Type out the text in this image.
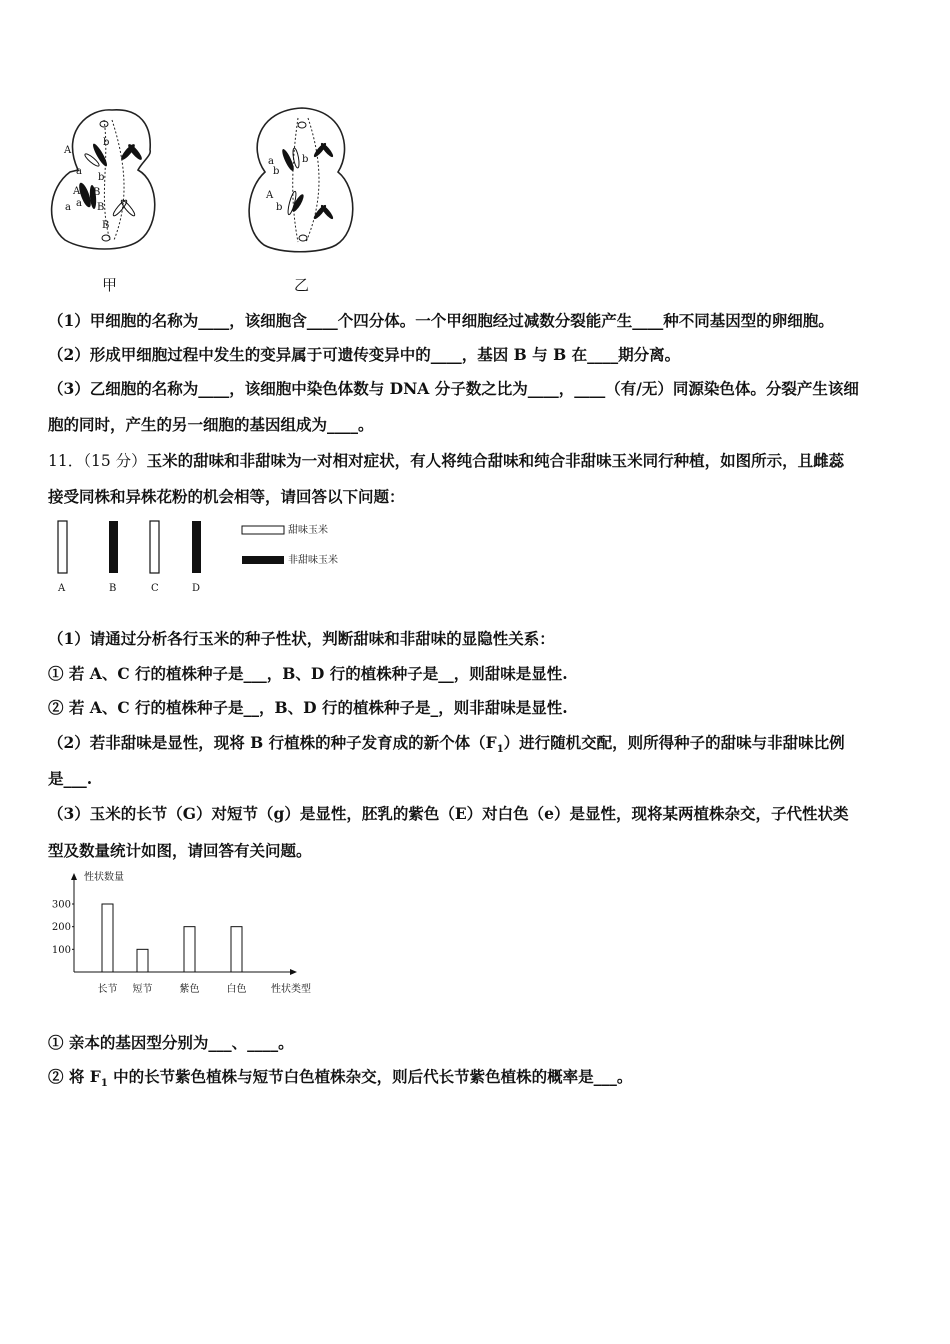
A
a
b
b
A
a
a
B
B
B
a
b
b
A
b
甲	乙
（1）甲细胞的名称为____，该细胞含____个四分体。一个甲细胞经过减数分裂能产生____种不同基因型的卵细胞。
（2）形成甲细胞过程中发生的变异属于可遗传变异中的____，基因 B 与 B 在____期分离。
（3）乙细胞的名称为____，该细胞中染色体数与 DNA 分子数之比为____，____（有/无）同源染色体。分裂产生该细
胞的同时，产生的另一细胞的基因组成为____。
11．（15 分）玉米的甜味和非甜味为一对相对症状，有人将纯合甜味和纯合非甜味玉米同行种植，如图所示，且雌蕊
接受同株和异株花粉的机会相等，请回答以下问题：
A	B	C	D
甜味玉米
非甜味玉米
（1）请通过分析各行玉米的种子性状，判断甜味和非甜味的显隐性关系：
① 若 A、C 行的植株种子是___，B、D 行的植株种子是__，则甜味是显性.
② 若 A、C 行的植株种子是__，B、D 行的植株种子是_，则非甜味是显性.
（2）若非甜味是显性，现将 B 行植株的种子发育成的新个体$(F_1)$进行随机交配，则所得种子的甜味与非甜味比例
是___.
（3）玉米的长节（G）对短节（g）是显性，胚乳的紫色（E）对白色（e）是显性，现将某两植株杂交，子代性状类
型及数量统计如图，请回答有关问题。
性状数量
300
200
100
长节 短节	紫色	白色 性状类型
① 亲本的基因型分别为___、____。
② 将 $F_1$ 中的长节紫色植株与短节白色植株杂交，则后代长节紫色植株的概率是___。
